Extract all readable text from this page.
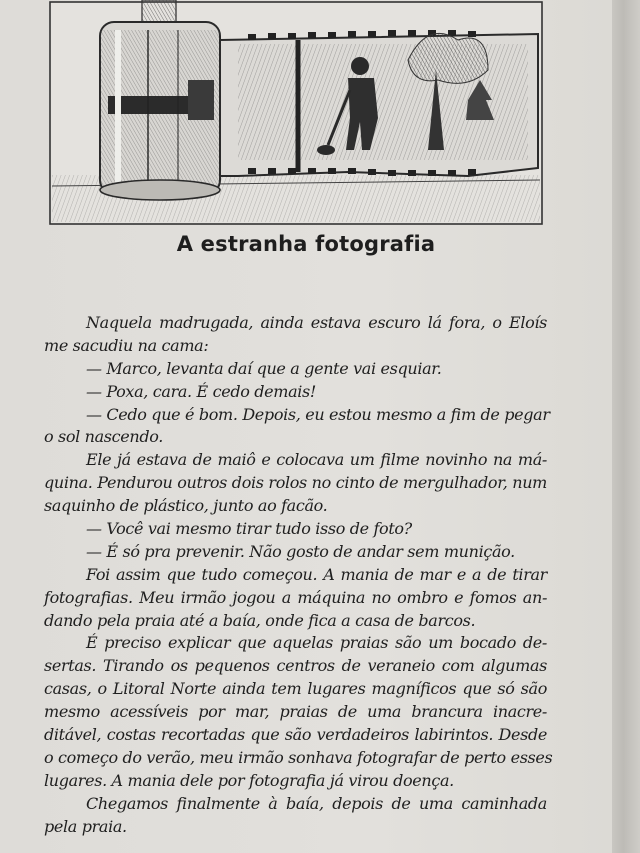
A estranha fotografia
Naquela madrugada, ainda estava escuro lá fora, o Eloís
me sacudiu na cama:
— Marco, levanta daí que a gente vai esquiar.
— Poxa, cara. É cedo demais!
— Cedo que é bom. Depois, eu estou mesmo a fim de pegar
o sol nascendo.
Ele já estava de maiô e colocava um filme novinho na má-
quina. Pendurou outros dois rolos no cinto de mergulhador, num
saquinho de plástico, junto ao facão.
— Você vai mesmo tirar tudo isso de foto?
— É só pra prevenir. Não gosto de andar sem munição.
Foi assim que tudo começou. A mania de mar e a de tirar
fotografias. Meu irmão jogou a máquina no ombro e fomos an-
dando pela praia até a baía, onde fica a casa de barcos.
É preciso explicar que aquelas praias são um bocado de-
sertas. Tirando os pequenos centros de veraneio com algumas
casas, o Litoral Norte ainda tem lugares magníficos que só são
mesmo acessíveis por mar, praias de uma brancura inacre-
ditável, costas recortadas que são verdadeiros labirintos. Desde
o começo do verão, meu irmão sonhava fotografar de perto esses
lugares. A mania dele por fotografia já virou doença.
Chegamos finalmente à baía, depois de uma caminhada
pela praia.
